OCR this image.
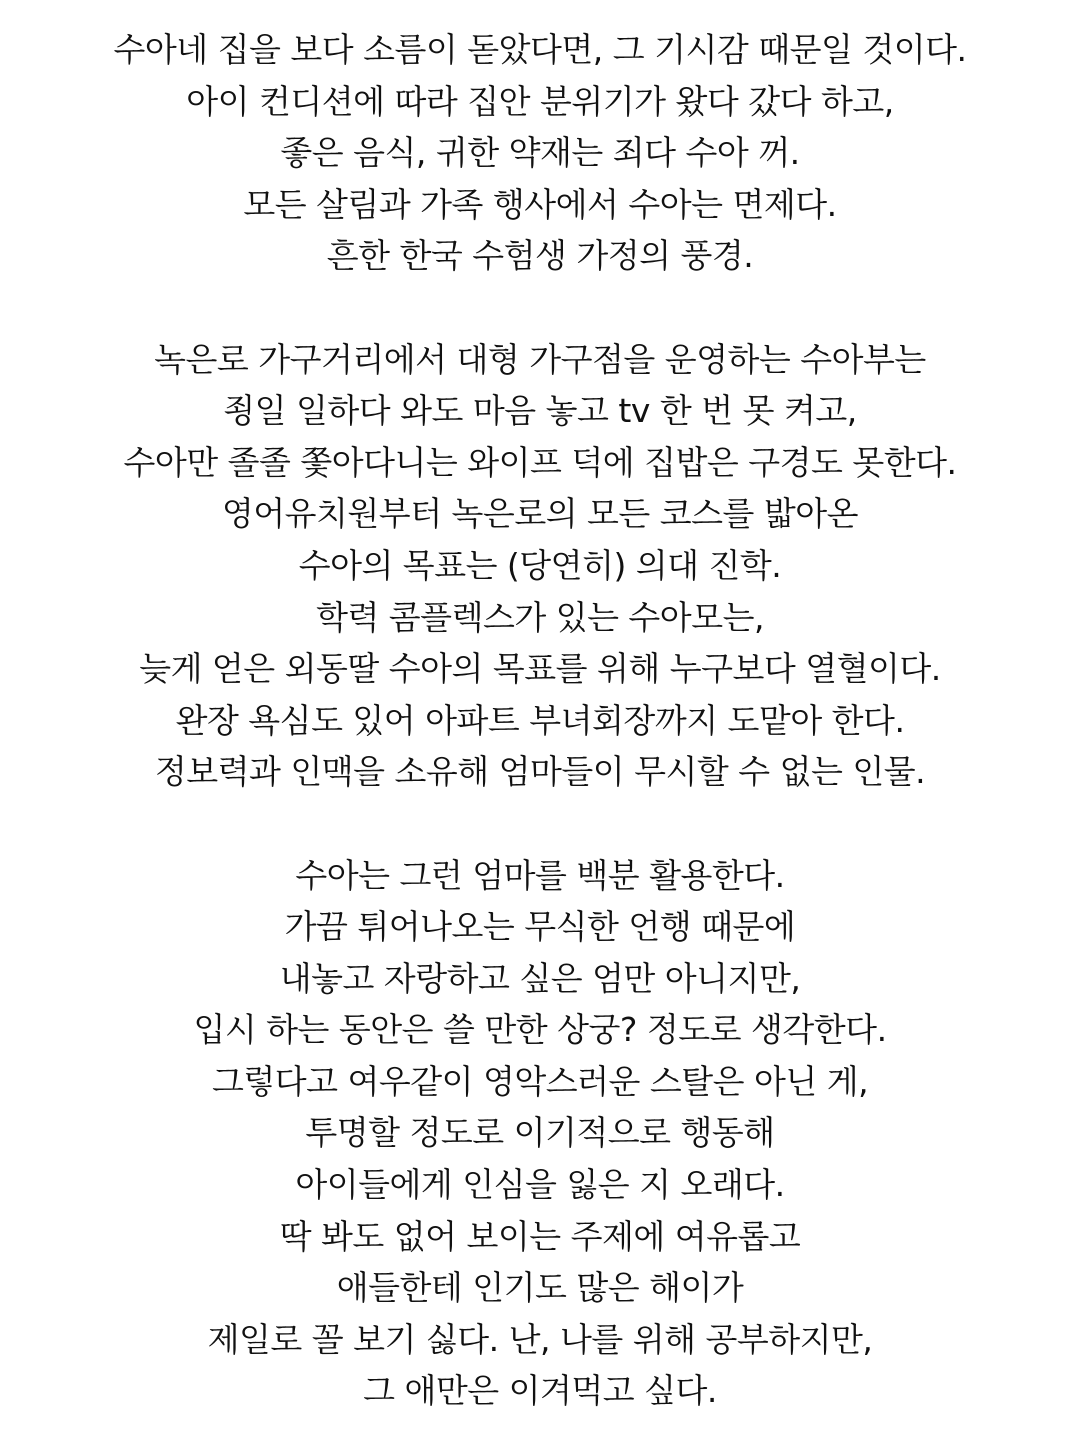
수아네 집을 보다 소름이 돋았다면, 그 기시감 때문일 것이다.
아이 컨디션에 따라 집안 분위기가 왔다 갔다 하고,
좋은 음식, 귀한 약재는 죄다 수아 꺼.
모든 살림과 가족 행사에서 수아는 면제다.
흔한 한국 수험생 가정의 풍경.
녹은로 가구거리에서 대형 가구점을 운영하는 수아부는
죙일 일하다 와도 마음 놓고 tv 한 번 못 켜고,
수아만 졸졸 쫓아다니는 와이프 덕에 집밥은 구경도 못한다.
영어유치원부터 녹은로의 모든 코스를 밟아온
수아의 목표는 (당연히) 의대 진학.
학력 콤플렉스가 있는 수아모는,
늦게 얻은 외동딸 수아의 목표를 위해 누구보다 열혈이다.
완장 욕심도 있어 아파트 부녀회장까지 도맡아 한다.
정보력과 인맥을 소유해 엄마들이 무시할 수 없는 인물.
수아는 그런 엄마를 백분 활용한다.
가끔 튀어나오는 무식한 언행 때문에
내놓고 자랑하고 싶은 엄만 아니지만,
입시 하는 동안은 쓸 만한 상궁? 정도로 생각한다.
그렇다고 여우같이 영악스러운 스탈은 아닌 게,
투명할 정도로 이기적으로 행동해
아이들에게 인심을 잃은 지 오래다.
딱 봐도 없어 보이는 주제에 여유롭고
애들한테 인기도 많은 해이가
제일로 꼴 보기 싫다. 난, 나를 위해 공부하지만,
그 애만은 이겨먹고 싶다.
